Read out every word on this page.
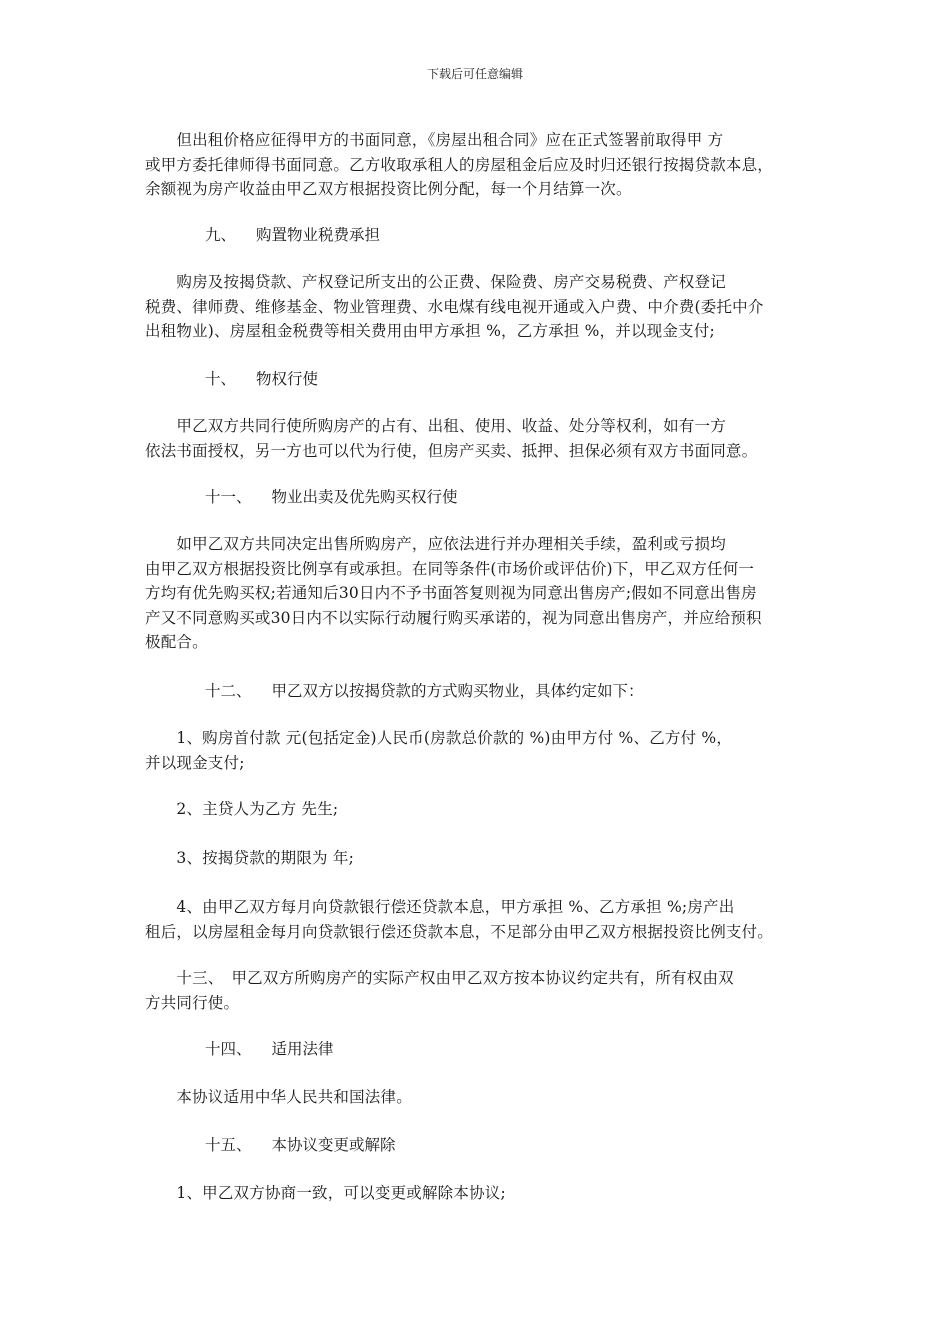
下载后可任意编辑
　　但出租价格应征得甲方的书面同意，《房屋出租合同》应在正式签署前取得甲 方
或甲方委托律师得书面同意。乙方收取承租人的房屋租金后应及时归还银行按揭贷款本息，
余额视为房产收益由甲乙双方根据投资比例分配，每一个月结算一次。
九、 购置物业税费承担
　　购房及按揭贷款、产权登记所支出的公正费、保险费、房产交易税费、产权登记
税费、律师费、维修基金、物业管理费、水电煤有线电视开通或入户费、中介费(委托中介
出租物业)、房屋租金税费等相关费用由甲方承担 %，乙方承担 %，并以现金支付;
十、 物权行使
　　甲乙双方共同行使所购房产的占有、出租、使用、收益、处分等权利，如有一方
依法书面授权，另一方也可以代为行使，但房产买卖、抵押、担保必须有双方书面同意。
十一、 物业出卖及优先购买权行使
　　如甲乙双方共同决定出售所购房产，应依法进行并办理相关手续，盈利或亏损均
由甲乙双方根据投资比例享有或承担。在同等条件(市场价或评估价)下，甲乙双方任何一
方均有优先购买权;若通知后30日内不予书面答复则视为同意出售房产;假如不同意出售房
产又不同意购买或30日内不以实际行动履行购买承诺的，视为同意出售房产，并应给预积
极配合。
十二、 甲乙双方以按揭贷款的方式购买物业，具体约定如下：
　　1、购房首付款 元(包括定金)人民币(房款总价款的 %)由甲方付 %、乙方付 %，
并以现金支付;
　　2、主贷人为乙方 先生;
　　3、按揭贷款的期限为 年;
　　4、由甲乙双方每月向贷款银行偿还贷款本息，甲方承担 %、乙方承担 %;房产出
租后，以房屋租金每月向贷款银行偿还贷款本息，不足部分由甲乙双方根据投资比例支付。
　　十三、　甲乙双方所购房产的实际产权由甲乙双方按本协议约定共有，所有权由双
方共同行使。
十四、 适用法律
　　本协议适用中华人民共和国法律。
十五、 本协议变更或解除
　　1、甲乙双方协商一致，可以变更或解除本协议;
